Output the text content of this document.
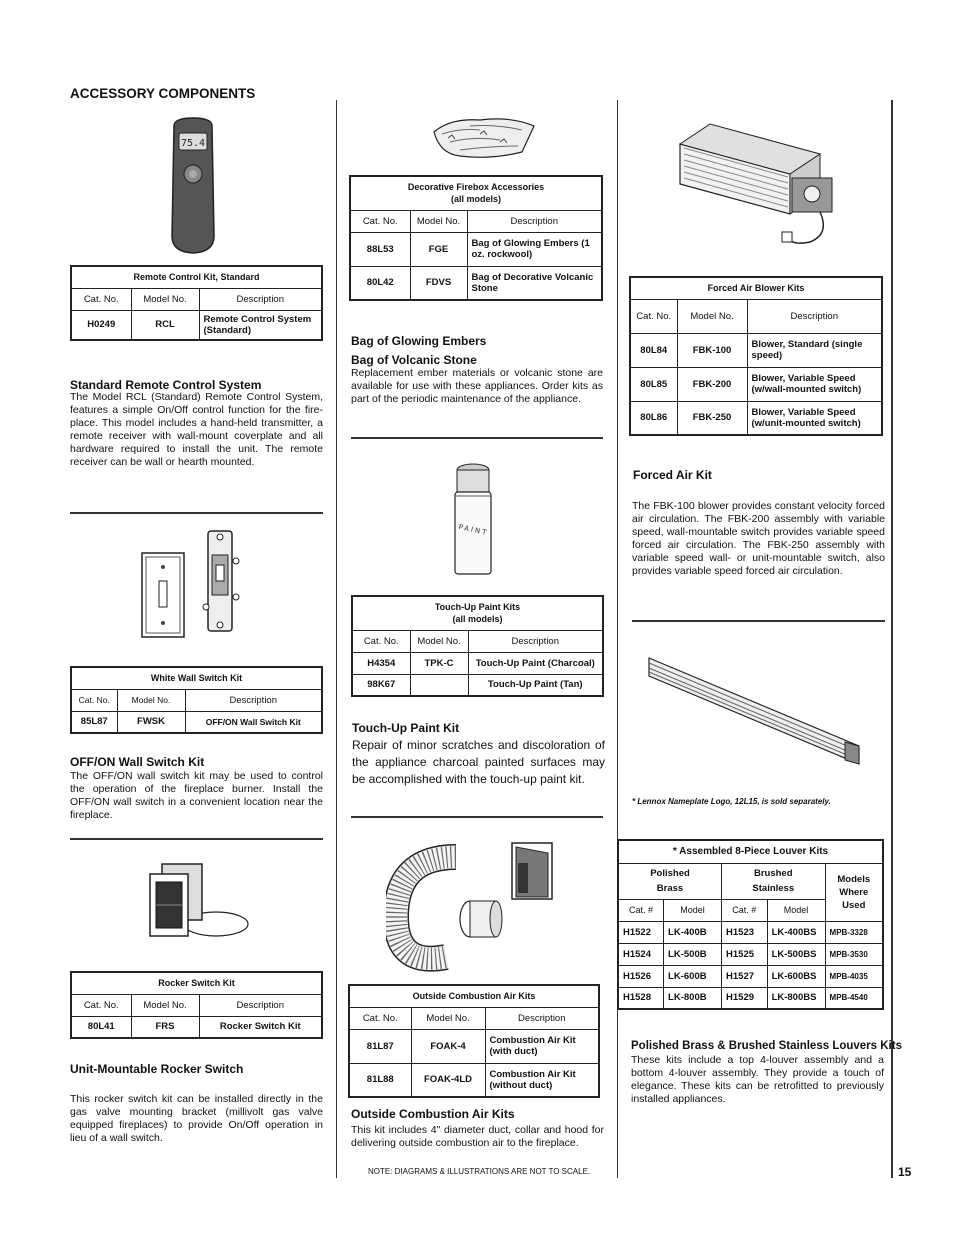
ACCESSORY COMPONENTS
75.4
Remote Control Kit, Standard		
Cat. No.	Model No.	Description
H0249	RCL	Remote Control System (Standard)
Standard Remote Control System
The Model RCL (Standard) Remote Control System, features a simple On/Off control function for the fire-place. This model includes a hand-held transmitter, a remote receiver with wall-mount coverplate and all hardware required to install the unit. The remote receiver can be wall or hearth mounted.
White Wall Switch Kit		
Cat. No.	Model No.	Description
85L87	FWSK	OFF/ON Wall Switch Kit
OFF/ON Wall Switch Kit
The OFF/ON wall switch kit may be used to control the operation of the fireplace burner. Install the OFF/ON wall switch in a convenient location near the fireplace.
Rocker Switch Kit		
Cat. No.	Model No.	Description
80L41	FRS	Rocker Switch Kit
Unit-Mountable Rocker Switch
This rocker switch kit can be installed directly in the gas valve mounting bracket (millivolt gas valve equipped fireplaces) to provide On/Off operation in lieu of a wall switch.
Decorative Firebox Accessories
(all models)		
Cat. No.	Model No.	Description
88L53	FGE	Bag of Glowing Embers (1 oz. rockwool)
80L42	FDVS	Bag of Decorative Volcanic Stone
Bag of Glowing Embers
Bag of Volcanic Stone
Replacement ember materials or volcanic stone are available for use with these appliances. Order kits as part of the periodic maintenance of the appliance.
PAINT
Touch-Up Paint Kits
(all models)		
Cat. No.	Model No.	Description
H4354	TPK-C	Touch-Up Paint (Charcoal)
98K67		Touch-Up Paint (Tan)
Touch-Up Paint Kit
Repair of minor scratches and discoloration of the appliance charcoal painted surfaces may be accomplished with the touch-up paint kit.
Outside Combustion Air Kits		
Cat. No.	Model No.	Description
81L87	FOAK-4	Combustion Air Kit (with duct)
81L88	FOAK-4LD	Combustion Air Kit (without duct)
Outside Combustion Air Kits
This kit includes 4" diameter duct, collar and hood for delivering outside combustion air to the fireplace.
NOTE: DIAGRAMS & ILLUSTRATIONS ARE NOT TO SCALE.
Forced Air Blower Kits		
Cat. No.	Model No.	Description
80L84	FBK-100	Blower, Standard (single speed)
80L85	FBK-200	Blower, Variable Speed (w/wall-mounted switch)
80L86	FBK-250	Blower, Variable Speed (w/unit-mounted switch)
Forced Air Kit
The FBK-100 blower provides constant velocity forced air circulation. The FBK-200 assembly with variable speed, wall-mountable switch provides variable speed forced air circulation. The FBK-250 assembly with variable speed wall- or unit-mountable switch, also provides variable speed forced air circulation.
* Lennox Nameplate Logo, 12L15, is sold separately.
* Assembled 8-Piece Louver Kits				
Polished Brass		Brushed Stainless		Models Where Used
Cat. #	Model	Cat. #	Model	
H1522	LK-400B	H1523	LK-400BS	MPB-3328
H1524	LK-500B	H1525	LK-500BS	MPB-3530
H1526	LK-600B	H1527	LK-600BS	MPB-4035
H1528	LK-800B	H1529	LK-800BS	MPB-4540
Polished Brass & Brushed Stainless Louvers Kits
These kits include a top 4-louver assembly and a bottom 4-louver assembly. They provide a touch of elegance. These kits can be retrofitted to previously installed appliances.
15
